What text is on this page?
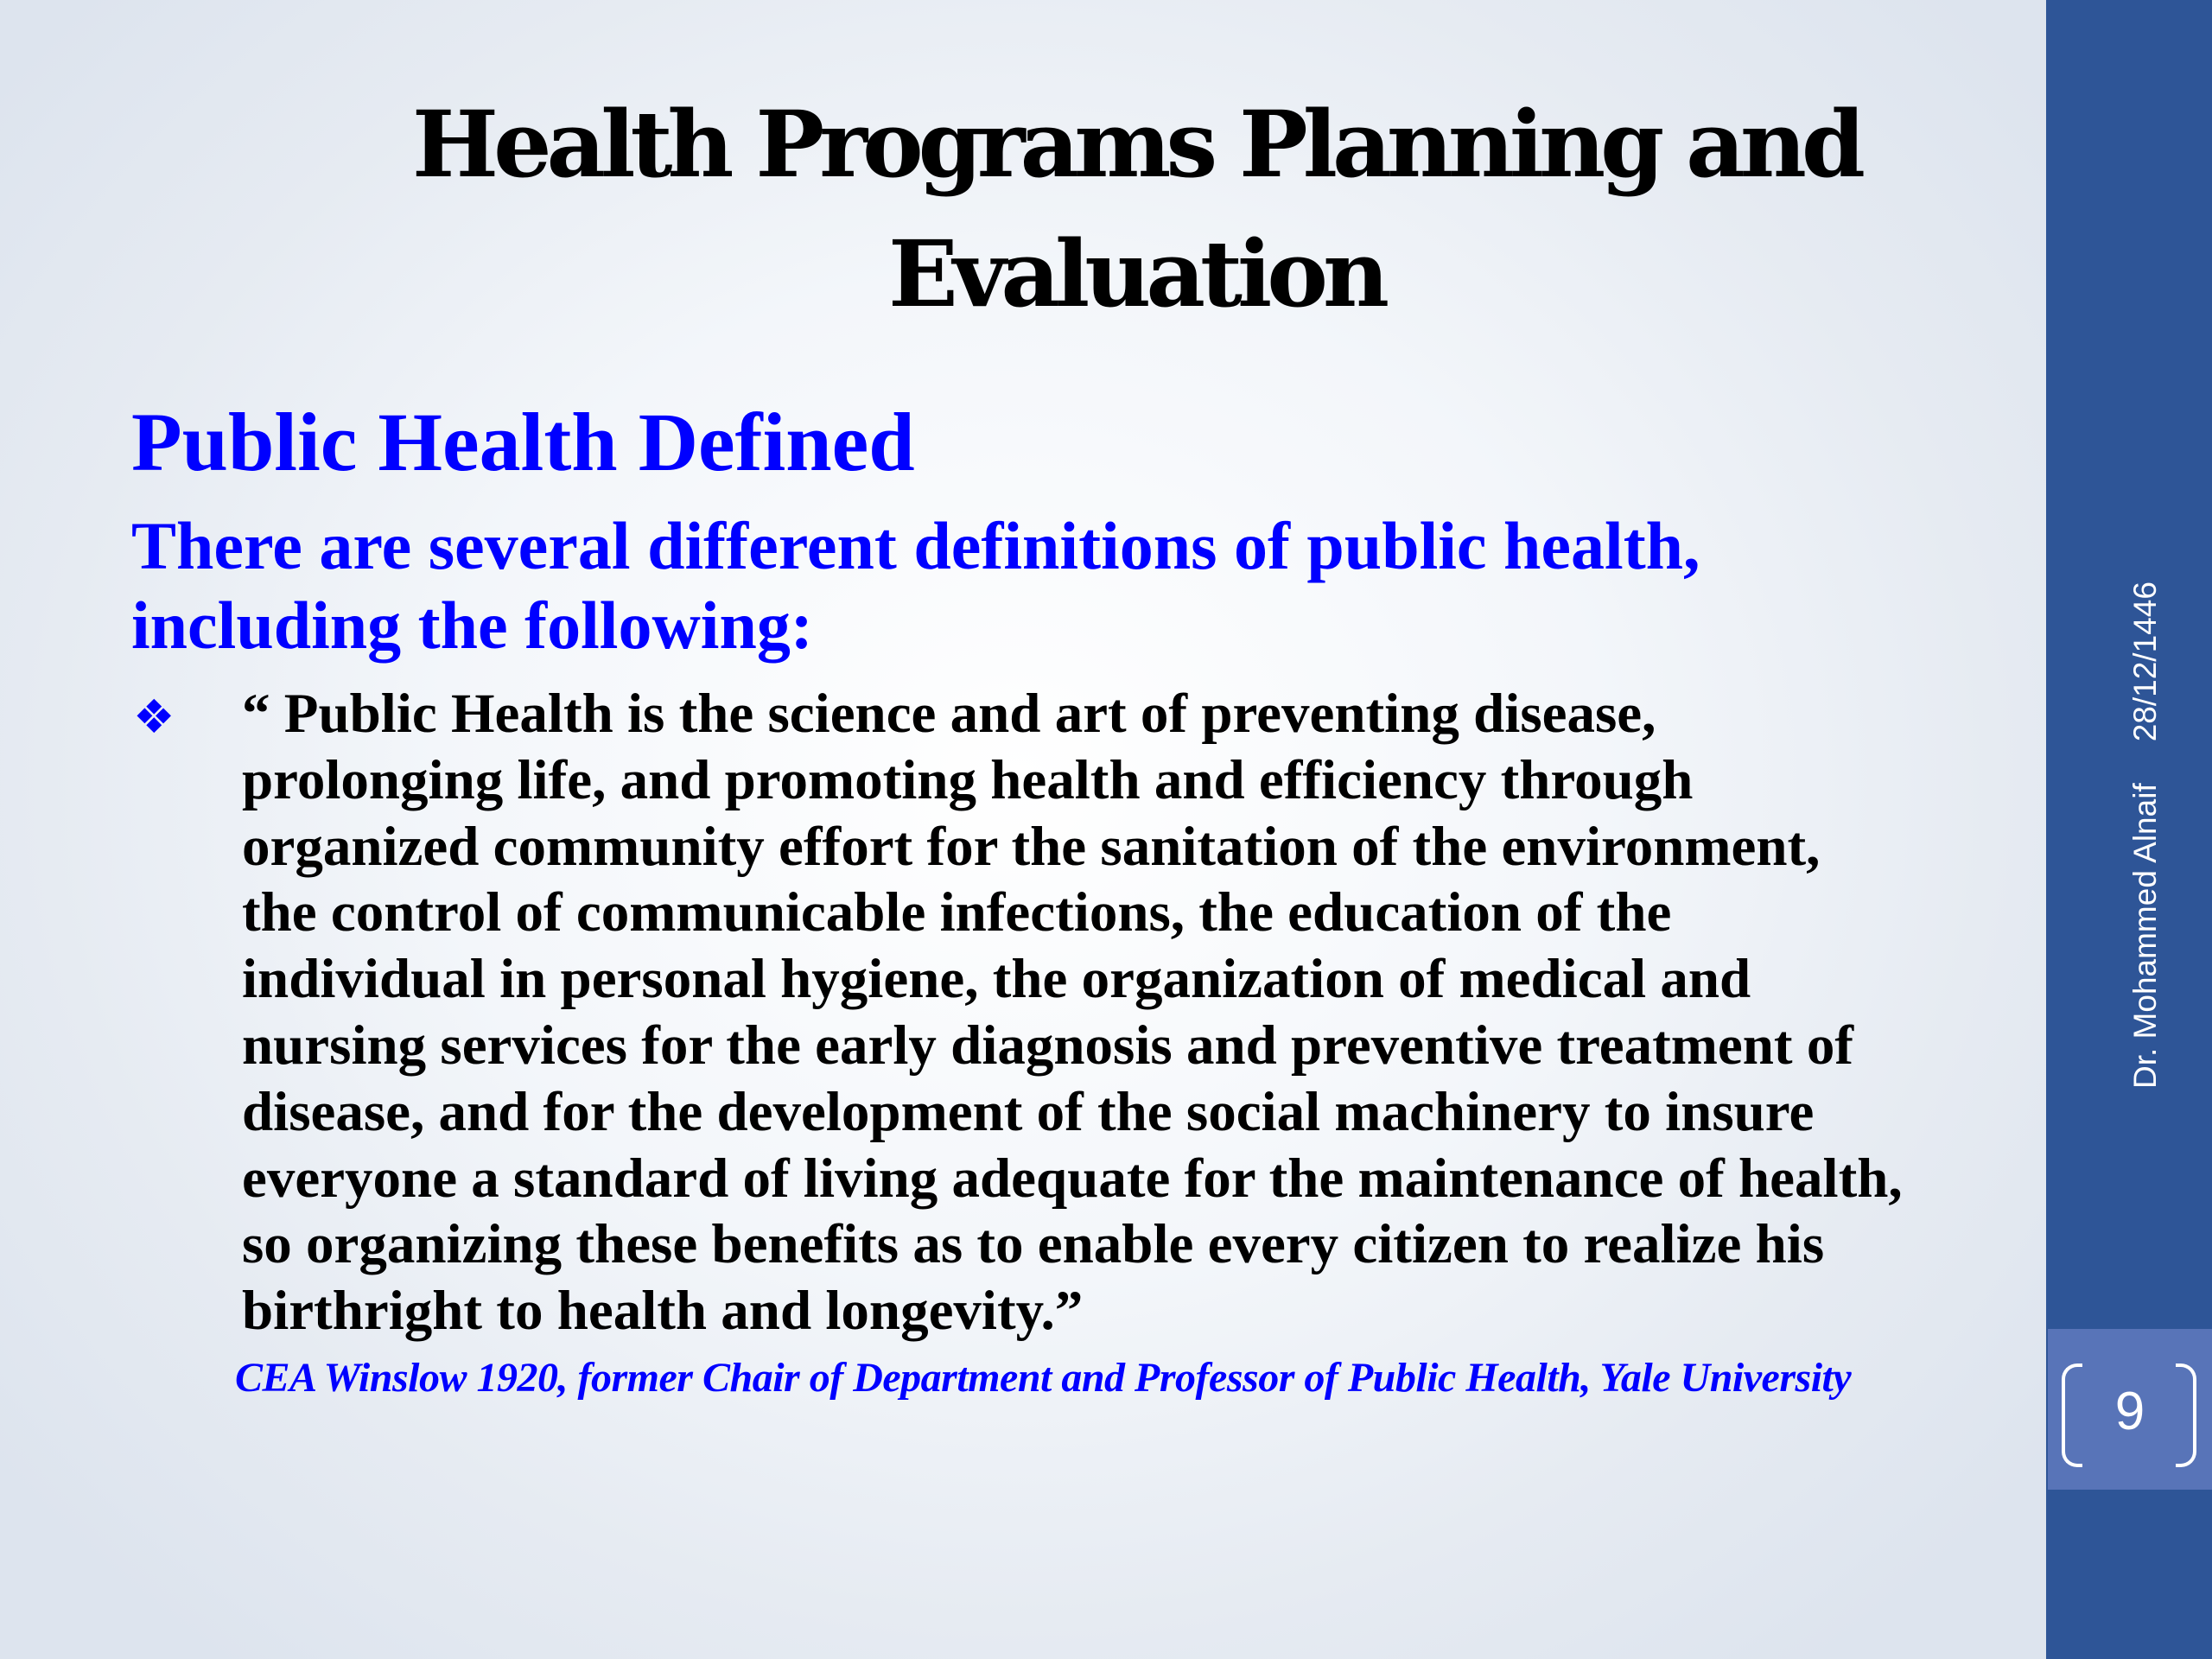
Health Programs Planning and
Evaluation
Public Health Defined
There are several different definitions of public health,
including the following:
❖ “ Public Health is the science and art of preventing disease,
prolonging life, and promoting health and efficiency through
organized community effort for the sanitation of the environment,
the control of communicable infections, the education of the
individual in personal hygiene, the organization of medical and
nursing services for the early diagnosis and preventive treatment of
disease, and for the development of the social machinery to insure
everyone a standard of living adequate for the maintenance of health,
so organizing these benefits as to enable every citizen to realize his
birthright to health and longevity.”
CEA Winslow 1920, former Chair of Department and Professor of Public Health, Yale University
Dr. Mohammed Alnaif28/12/1446
9
